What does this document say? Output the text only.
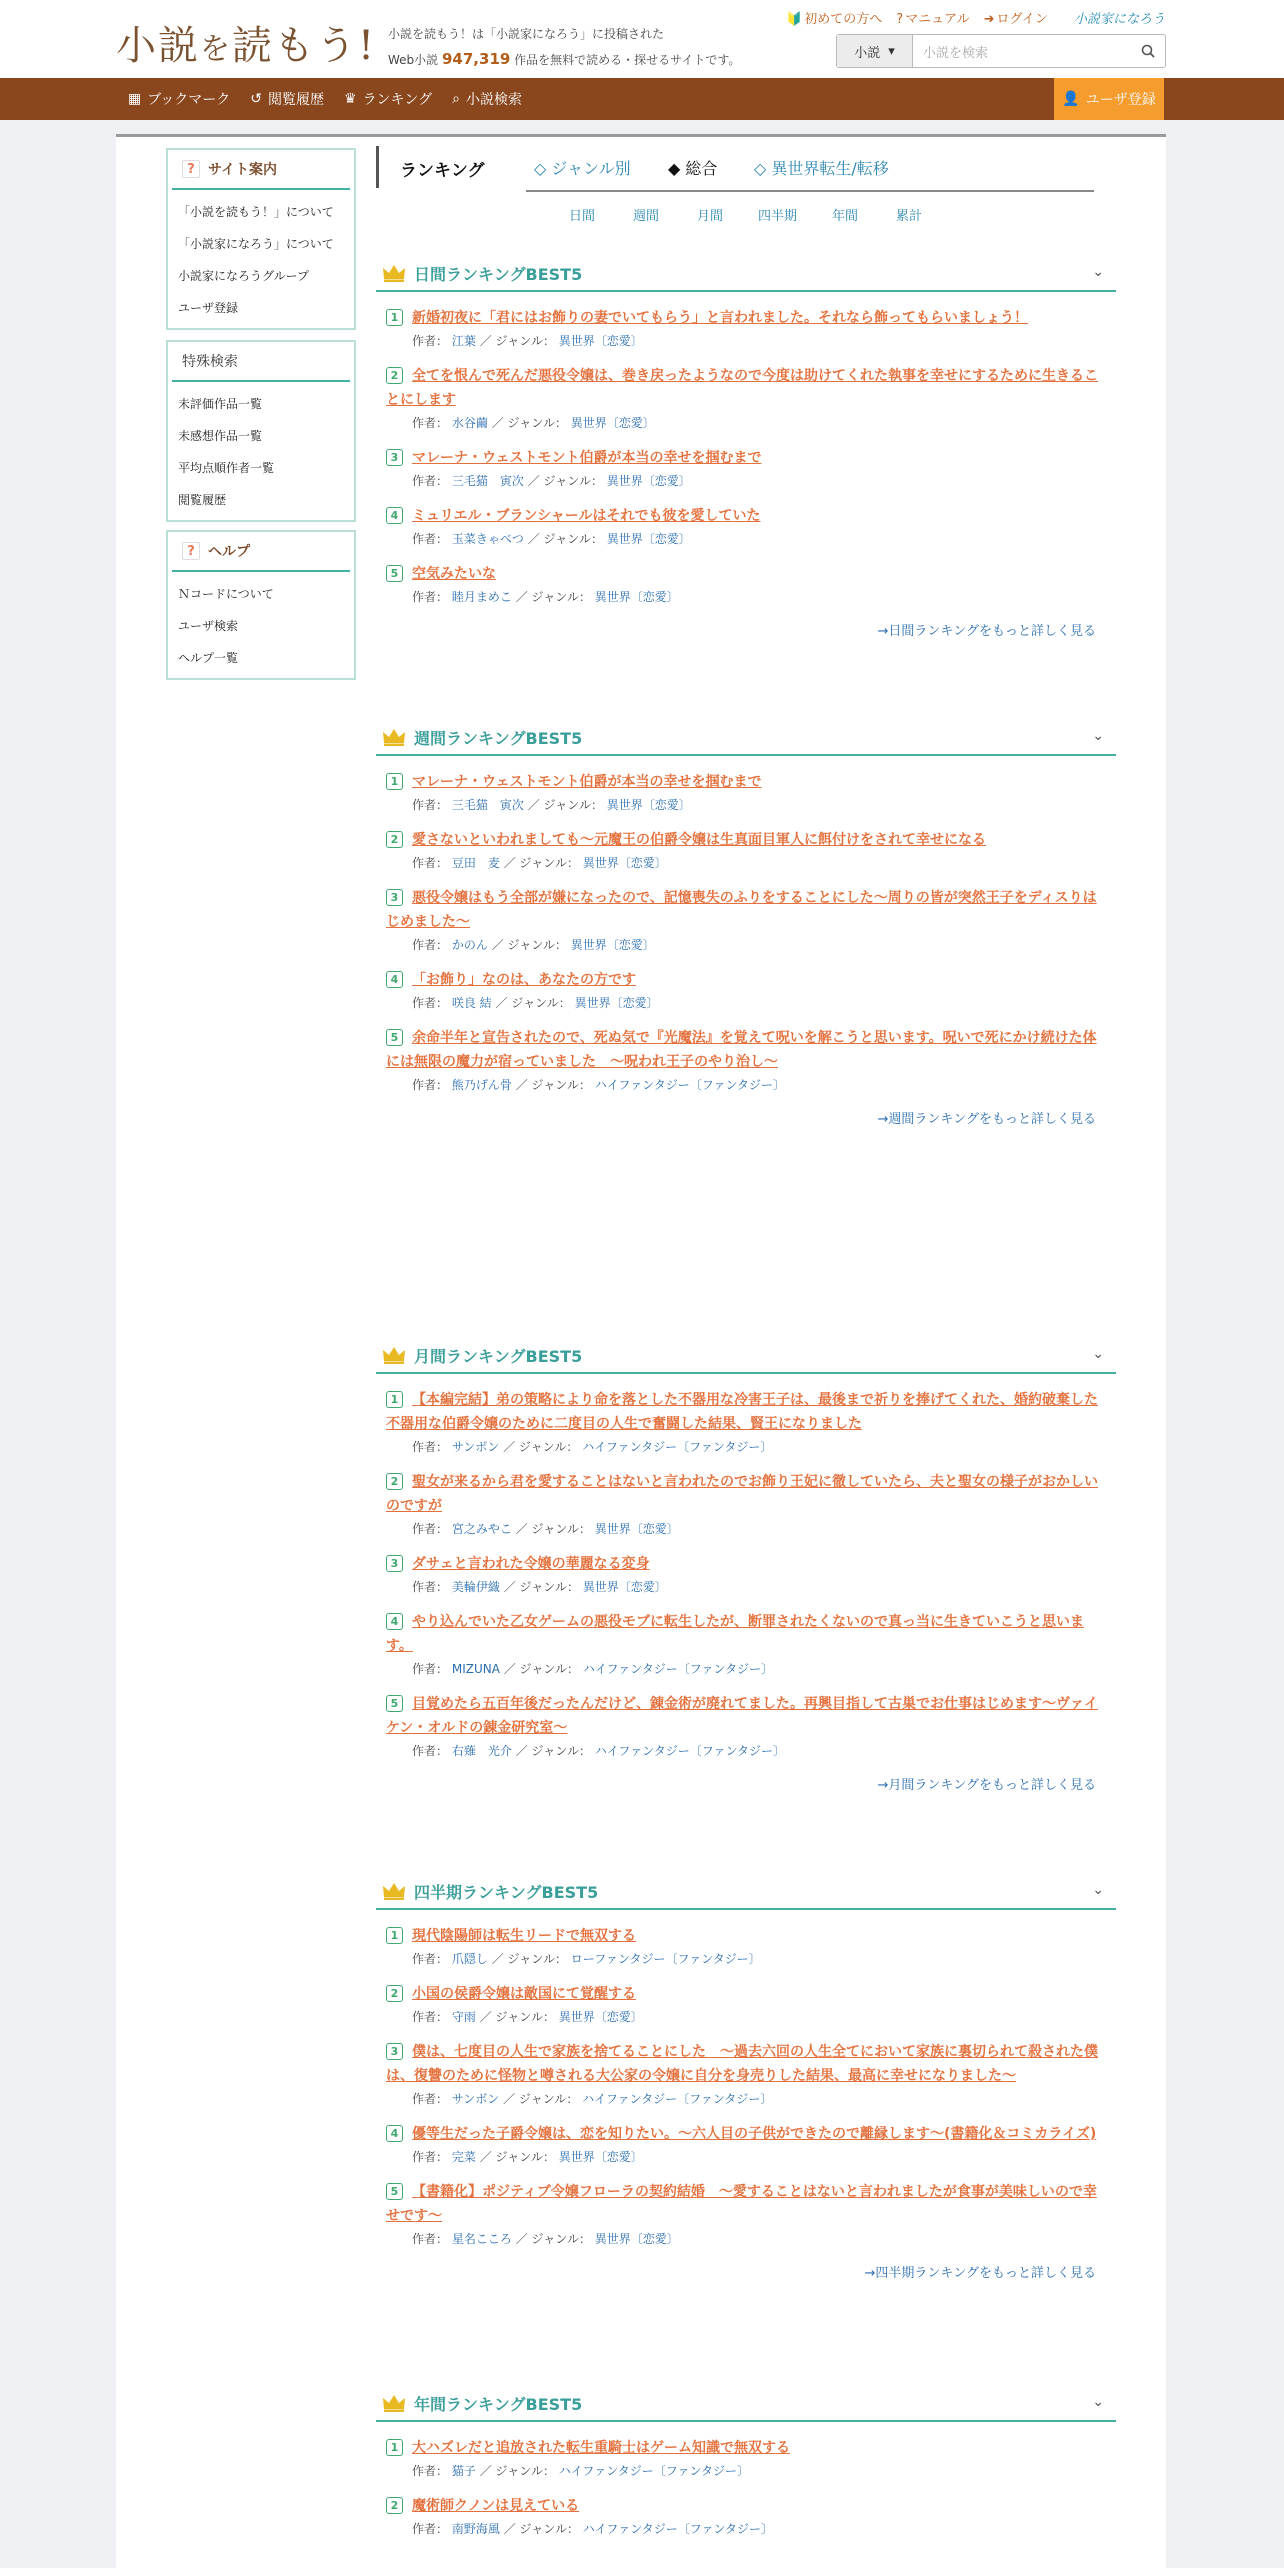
小説を読もう! 小説を読もう！は「小説家になろう」に投稿された
Web小説 947,319 作品を無料で読める・探せるサイトです。
🔰 初めての方へ ? マニュアル ➜ ログイン 小説家になろう
小説 ▾	小説を検索
▦ ブックマーク ↺ 閲覧履歴 ♛ ランキング ⌕ 小説検索	👤 ユーザ登録
? サイト案内
「小説を読もう！」について
「小説家になろう」について
小説家になろうグループ
ユーザ登録
特殊検索
未評価作品一覧
未感想作品一覧
平均点順作者一覧
閲覧履歴
? ヘルプ
Ｎコードについて
ユーザ検索
ヘルプ一覧
ランキング	◇ ジャンル別 ◆ 総合 ◇ 異世界転生/転移
日間	週間	月間	四半期	年間	累計
日間ランキングBEST5	⌄
1 新婚初夜に「君にはお飾りの妻でいてもらう」と言われました。それなら飾ってもらいましょう！
作者： 江葉 ／ ジャンル： 異世界〔恋愛〕
2 全てを恨んで死んだ悪役令嬢は、巻き戻ったようなので今度は助けてくれた執事を幸せにするために生きることにします
作者： 水谷繭 ／ ジャンル： 異世界〔恋愛〕
3 マレーナ・ウェストモント伯爵が本当の幸せを掴むまで
作者： 三毛猫　寅次 ／ ジャンル： 異世界〔恋愛〕
4 ミュリエル・ブランシャールはそれでも彼を愛していた
作者： 玉菜きゃべつ ／ ジャンル： 異世界〔恋愛〕
5 空気みたいな
作者： 睦月まめこ ／ ジャンル： 異世界〔恋愛〕
→日間ランキングをもっと詳しく見る
週間ランキングBEST5	⌄
1 マレーナ・ウェストモント伯爵が本当の幸せを掴むまで
作者： 三毛猫　寅次 ／ ジャンル： 異世界〔恋愛〕
2 愛さないといわれましても～元魔王の伯爵令嬢は生真面目軍人に餌付けをされて幸せになる
作者： 豆田　麦 ／ ジャンル： 異世界〔恋愛〕
3 悪役令嬢はもう全部が嫌になったので、記憶喪失のふりをすることにした～周りの皆が突然王子をディスりはじめました～
作者： かのん ／ ジャンル： 異世界〔恋愛〕
4 「お飾り」なのは、あなたの方です
作者： 咲良 結 ／ ジャンル： 異世界〔恋愛〕
5 余命半年と宣告されたので、死ぬ気で『光魔法』を覚えて呪いを解こうと思います。呪いで死にかけ続けた体には無限の魔力が宿っていました　〜呪われ王子のやり治し〜
作者： 熊乃げん骨 ／ ジャンル： ハイファンタジー〔ファンタジー〕
→週間ランキングをもっと詳しく見る
月間ランキングBEST5	⌄
1 【本編完結】弟の策略により命を落とした不器用な冷害王子は、最後まで祈りを捧げてくれた、婚約破棄した不器用な伯爵令嬢のために二度目の人生で奮闘した結果、賢王になりました
作者： サンボン ／ ジャンル： ハイファンタジー〔ファンタジー〕
2 聖女が来るから君を愛することはないと言われたのでお飾り王妃に徹していたら、夫と聖女の様子がおかしいのですが
作者： 宮之みやこ ／ ジャンル： 異世界〔恋愛〕
3 ダサェと言われた令嬢の華麗なる変身
作者： 美輪伊織 ／ ジャンル： 異世界〔恋愛〕
4 やり込んでいた乙女ゲームの悪役モブに転生したが、断罪されたくないので真っ当に生きていこうと思います。
作者： MIZUNA ／ ジャンル： ハイファンタジー〔ファンタジー〕
5 目覚めたら五百年後だったんだけど、錬金術が廃れてました。再興目指して古巣でお仕事はじめます～ヴァイケン・オルドの錬金研究室～
作者： 右薙　光介 ／ ジャンル： ハイファンタジー〔ファンタジー〕
→月間ランキングをもっと詳しく見る
四半期ランキングBEST5	⌄
1 現代陰陽師は転生リードで無双する
作者： 爪隠し ／ ジャンル： ローファンタジー〔ファンタジー〕
2 小国の侯爵令嬢は敵国にて覚醒する
作者： 守雨 ／ ジャンル： 異世界〔恋愛〕
3 僕は、七度目の人生で家族を捨てることにした　～過去六回の人生全てにおいて家族に裏切られて殺された僕は、復讐のために怪物と噂される大公家の令嬢に自分を身売りした結果、最高に幸せになりました～
作者： サンボン ／ ジャンル： ハイファンタジー〔ファンタジー〕
4 優等生だった子爵令嬢は、恋を知りたい。～六人目の子供ができたので離縁します～(書籍化＆コミカライズ)
作者： 完菜 ／ ジャンル： 異世界〔恋愛〕
5 【書籍化】ポジティブ令嬢フローラの契約結婚　～愛することはないと言われましたが食事が美味しいので幸せです～
作者： 星名こころ ／ ジャンル： 異世界〔恋愛〕
→四半期ランキングをもっと詳しく見る
年間ランキングBEST5	⌄
1 大ハズレだと追放された転生重騎士はゲーム知識で無双する
作者： 猫子 ／ ジャンル： ハイファンタジー〔ファンタジー〕
2 魔術師クノンは見えている
作者： 南野海風 ／ ジャンル： ハイファンタジー〔ファンタジー〕
